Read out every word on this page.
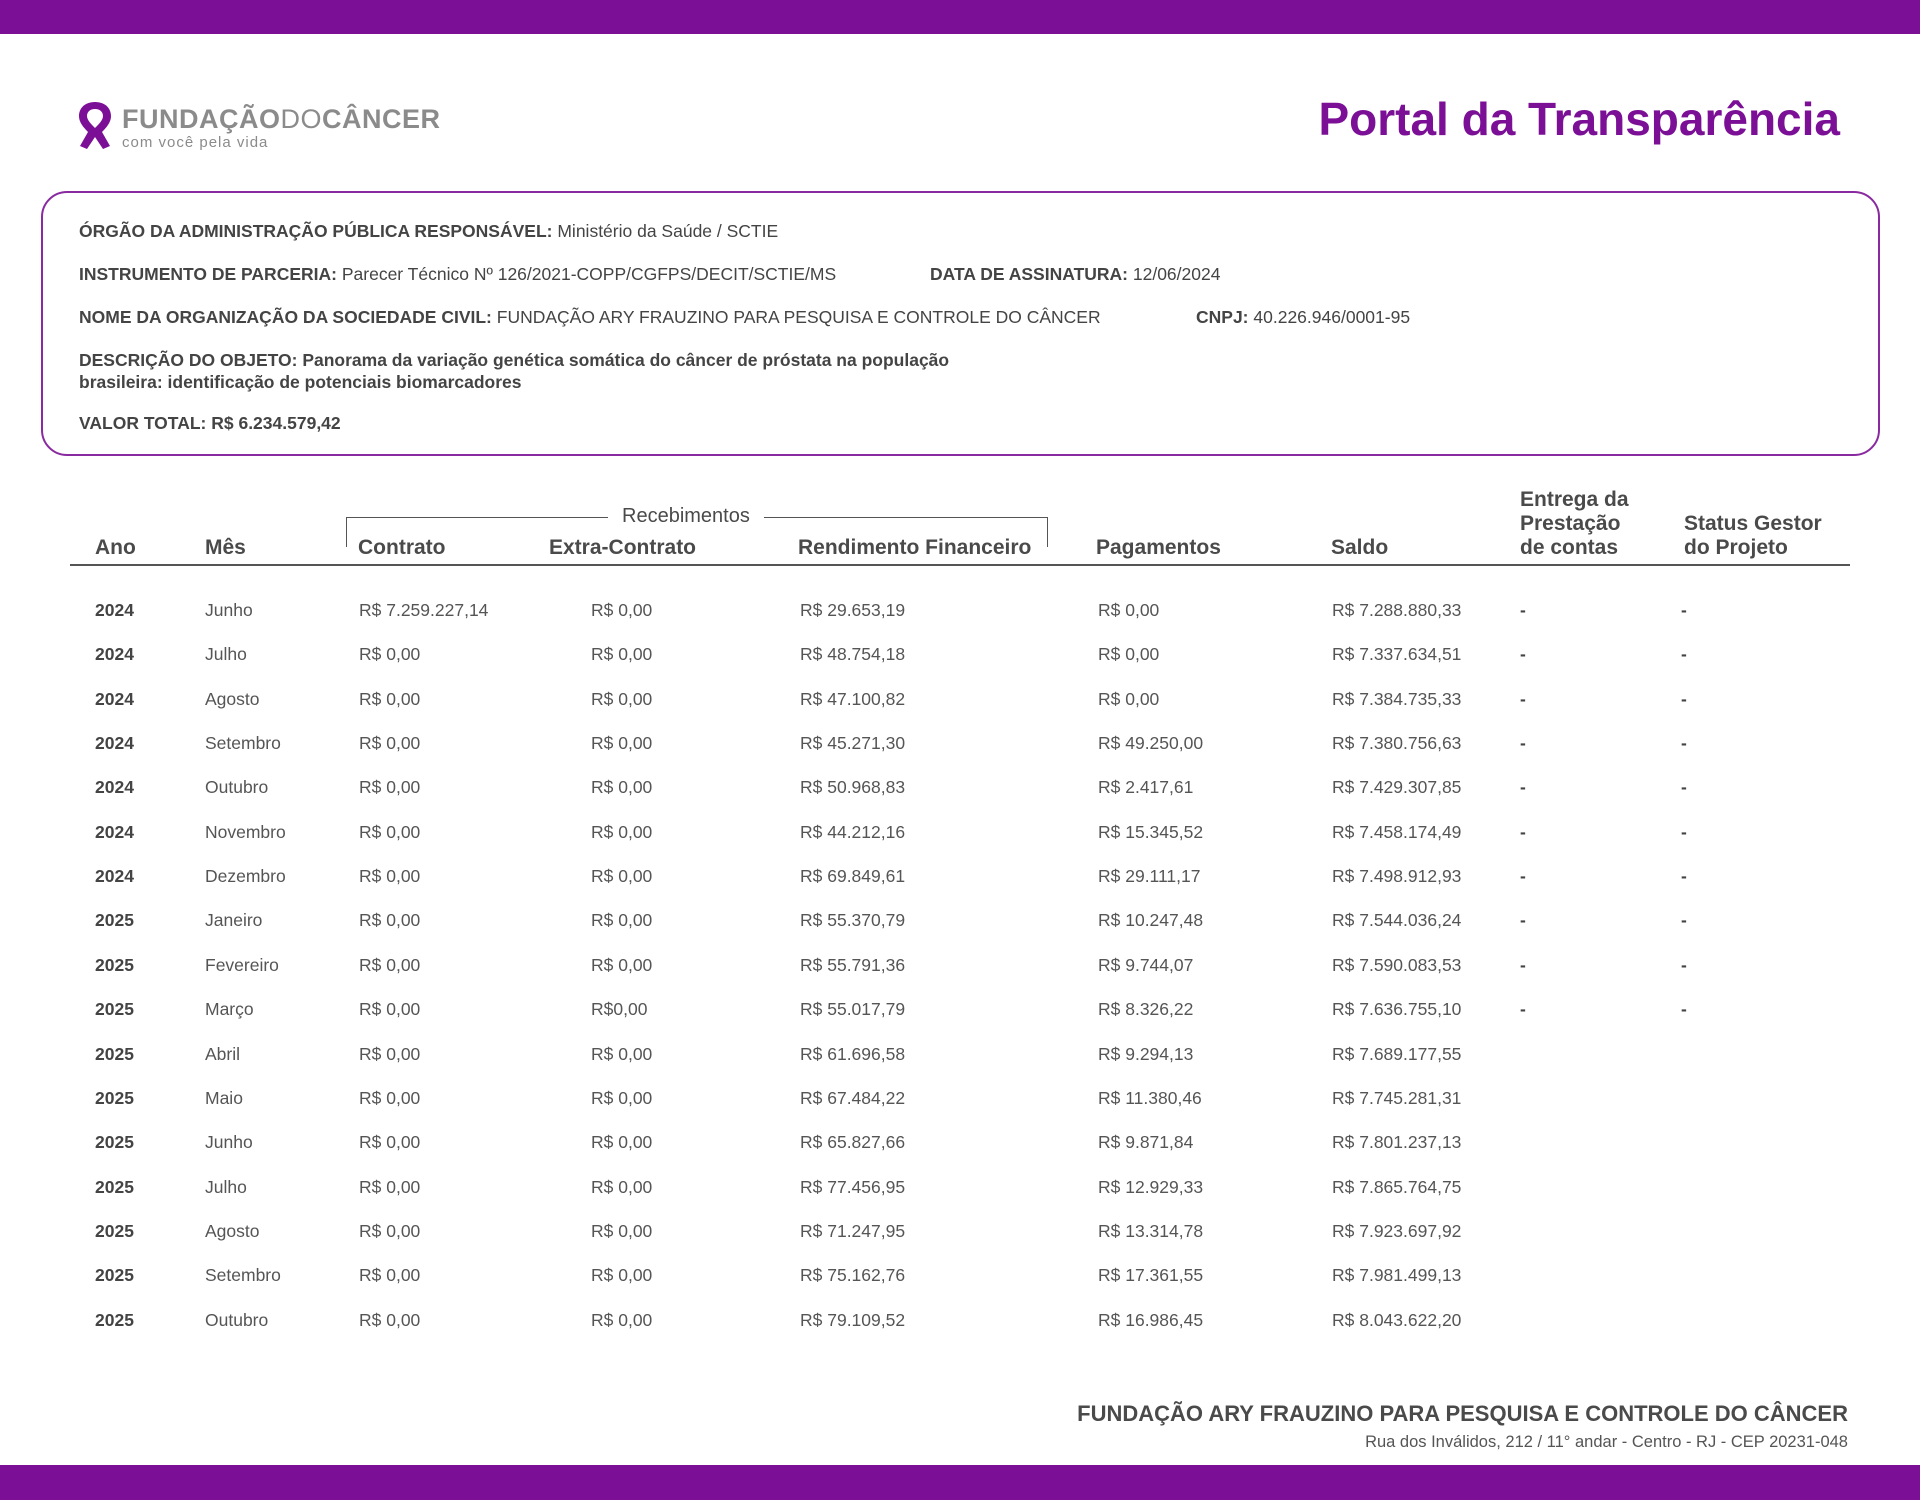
FUNDAÇÃODOCÂNCER
com você pela vida	Portal da Transparência
ÓRGÃO DA ADMINISTRAÇÃO PÚBLICA RESPONSÁVEL: Ministério da Saúde / SCTIE
INSTRUMENTO DE PARCERIA: Parecer Técnico Nº 126/2021-COPP/CGFPS/DECIT/SCTIE/MS	DATA DE ASSINATURA: 12/06/2024
NOME DA ORGANIZAÇÃO DA SOCIEDADE CIVIL: FUNDAÇÃO ARY FRAUZINO PARA PESQUISA E CONTROLE DO CÂNCER	CNPJ: 40.226.946/0001-95
DESCRIÇÃO DO OBJETO: Panorama da variação genética somática do câncer de próstata na população
brasileira: identificação de potenciais biomarcadores
VALOR TOTAL: R$ 6.234.579,42
Recebimentos
Ano	Mês	Contrato	Extra-Contrato	Rendimento Financeiro	Pagamentos	Saldo
Entrega da
Prestação
de contas
Status Gestor
do Projeto
2024	Junho	R$ 7.259.227,14	R$ 0,00	R$ 29.653,19	R$ 0,00	R$ 7.288.880,33	-	-
2024	Julho	R$ 0,00	R$ 0,00	R$ 48.754,18	R$ 0,00	R$ 7.337.634,51	-	-
2024	Agosto	R$ 0,00	R$ 0,00	R$ 47.100,82	R$ 0,00	R$ 7.384.735,33	-	-
2024	Setembro	R$ 0,00	R$ 0,00	R$ 45.271,30	R$ 49.250,00	R$ 7.380.756,63	-	-
2024	Outubro	R$ 0,00	R$ 0,00	R$ 50.968,83	R$ 2.417,61	R$ 7.429.307,85	-	-
2024	Novembro	R$ 0,00	R$ 0,00	R$ 44.212,16	R$ 15.345,52	R$ 7.458.174,49	-	-
2024	Dezembro	R$ 0,00	R$ 0,00	R$ 69.849,61	R$ 29.111,17	R$ 7.498.912,93	-	-
2025	Janeiro	R$ 0,00	R$ 0,00	R$ 55.370,79	R$ 10.247,48	R$ 7.544.036,24	-	-
2025	Fevereiro	R$ 0,00	R$ 0,00	R$ 55.791,36	R$ 9.744,07	R$ 7.590.083,53	-	-
2025	Março	R$ 0,00	R$0,00	R$ 55.017,79	R$ 8.326,22	R$ 7.636.755,10	-	-
2025	Abril	R$ 0,00	R$ 0,00	R$ 61.696,58	R$ 9.294,13	R$ 7.689.177,55
2025	Maio	R$ 0,00	R$ 0,00	R$ 67.484,22	R$ 11.380,46	R$ 7.745.281,31
2025	Junho	R$ 0,00	R$ 0,00	R$ 65.827,66	R$ 9.871,84	R$ 7.801.237,13
2025	Julho	R$ 0,00	R$ 0,00	R$ 77.456,95	R$ 12.929,33	R$ 7.865.764,75
2025	Agosto	R$ 0,00	R$ 0,00	R$ 71.247,95	R$ 13.314,78	R$ 7.923.697,92
2025	Setembro	R$ 0,00	R$ 0,00	R$ 75.162,76	R$ 17.361,55	R$ 7.981.499,13
2025	Outubro	R$ 0,00	R$ 0,00	R$ 79.109,52	R$ 16.986,45	R$ 8.043.622,20
FUNDAÇÃO ARY FRAUZINO PARA PESQUISA E CONTROLE DO CÂNCER
Rua dos Inválidos, 212 / 11° andar - Centro - RJ - CEP 20231-048
